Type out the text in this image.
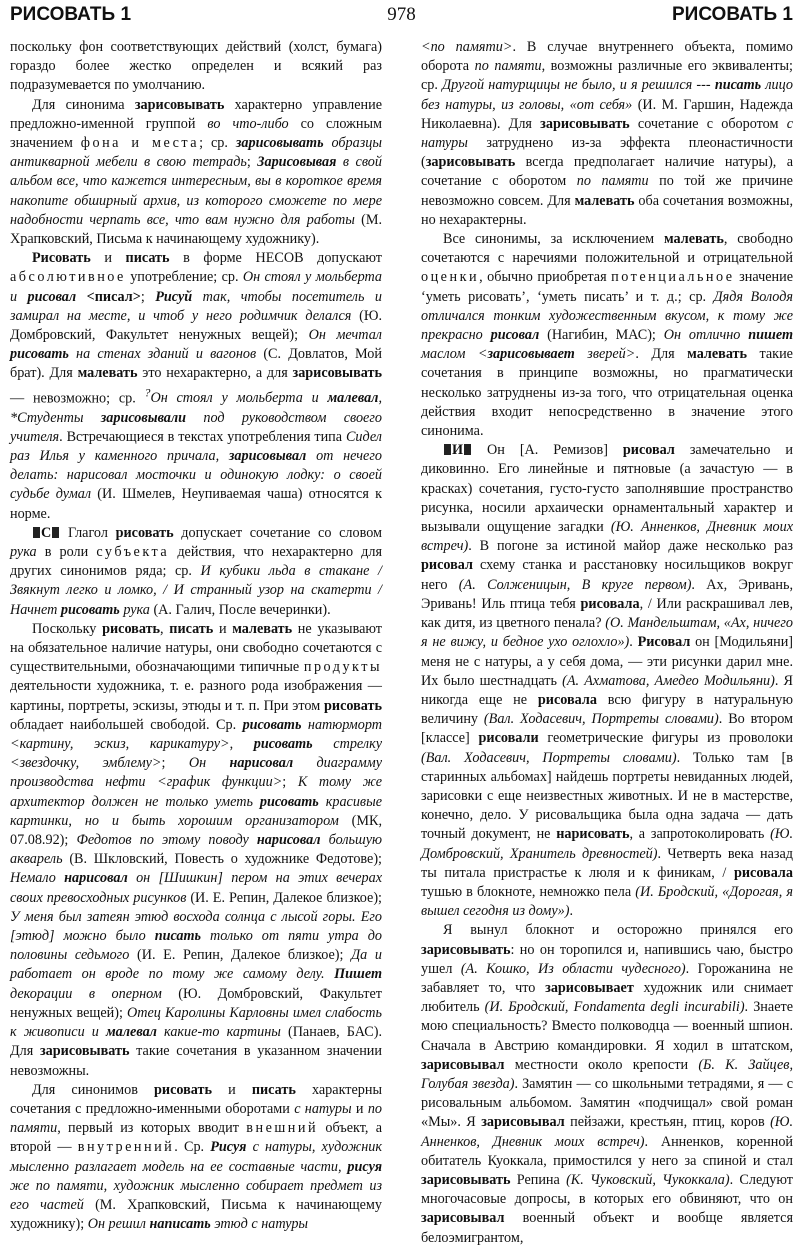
РИСОВАТЬ 1	978	РИСОВАТЬ 1

поскольку фон соответствующих действий (холст, бумага) гораздо более жестко определен и всякий раз подразумевается по умолчанию.

Для синонима зарисовывать характерно управление предложно-именной группой во что-либо со сложным значением фона и места; ср. зарисовывать образцы антикварной мебели в свою тетрадь; Зарисовывая в свой альбом все, что кажется интересным, вы в короткое время накопите обширный архив, из которого сможете по мере надобности черпать все, что вам нужно для работы (М. Храпковский, Письма к начинающему художнику).

Рисовать и писать в форме НЕСОВ допускают абсолютивное употребление; ср. Он стоял у мольберта и рисовал <писал>; Рисуй так, чтобы посетитель и замирал на месте, и чтоб у него родимчик делался (Ю. Домбровский, Факультет ненужных вещей); Он мечтал рисовать на стенах зданий и вагонов (С. Довлатов, Мой брат). Для малевать это нехарактерно, а для зарисовывать — невозможно; ср. ?Он стоял у мольберта и малевал, *Студенты зарисовывали под руководством своего учителя. Встречающиеся в текстах употребления типа Сидел раз Илья у каменного причала, зарисовывал от нечего делать: нарисовал мосточки и одинокую лодку: о своей судьбе думал (И. Шмелев, Неупиваемая чаша) относятся к норме.

С Глагол рисовать допускает сочетание со словом рука в роли субъекта действия, что нехарактерно для других синонимов ряда; ср. И кубики льда в стакане / Звякнут легко и ломко, / И странный узор на скатерти / Начнет рисовать рука (А. Галич, После вечеринки).

Поскольку рисовать, писать и малевать не указывают на обязательное наличие натуры, они свободно сочетаются с существительными, обозначающими типичные продукты деятельности художника, т. е. разного рода изображения — картины, портреты, эскизы, этюды и т. п. При этом рисовать обладает наибольшей свободой. Ср. рисовать натюрморт <картину, эскиз, карикатуру>, рисовать стрелку <звездочку, эмблему>; Он нарисовал диаграмму производства нефти <график функции>; К тому же архитектор должен не только уметь рисовать красивые картинки, но и быть хорошим организатором (МК, 07.08.92); Федотов по этому поводу нарисовал большую акварель (В. Шкловский, Повесть о художнике Федотове); Немало нарисовал он [Шишкин] пером на этих вечерах своих превосходных рисунков (И. Е. Репин, Далекое близкое); У меня был затеян этюд восхода солнца с лысой горы. Его [этюд] можно было писать только от пяти утра до половины седьмого (И. Е. Репин, Далекое близкое); Да и работает он вроде по тому же самому делу. Пишет декорации в оперном (Ю. Домбровский, Факультет ненужных вещей); Отец Каролины Карловны имел слабость к живописи и малевал какие-то картины (Панаев, БАС). Для зарисовывать такие сочетания в указанном значении невозможны.

Для синонимов рисовать и писать характерны сочетания с предложно-именными оборотами с натуры и по памяти, первый из которых вводит внешний объект, а второй — внутренний. Ср. Рисуя с натуры, художник мысленно разлагает модель на ее составные части, рисуя же по памяти, художник мысленно собирает предмет из его частей (М. Храпковский, Письма к начинающему художнику); Он решил написать этюд с натуры

<по памяти>. В случае внутреннего объекта, помимо оборота по памяти, возможны различные его эквиваленты; ср. Другой натурщицы не было, и я решился --- писать лицо без натуры, из головы, «от себя» (И. М. Гаршин, Надежда Николаевна). Для зарисовывать сочетание с оборотом с натуры затруднено из-за эффекта плеонастичности (зарисовывать всегда предполагает наличие натуры), а сочетание с оборотом по памяти по той же причине невозможно совсем. Для малевать оба сочетания возможны, но нехарактерны.

Все синонимы, за исключением малевать, свободно сочетаются с наречиями положительной и отрицательной оценки, обычно приобретая потенциальное значение ‘уметь рисовать’, ‘уметь писать’ и т. д.; ср. Дядя Володя отличался тонким художественным вкусом, к тому же прекрасно рисовал (Нагибин, МАС); Он отлично пишет маслом <зарисовывает зверей>. Для малевать такие сочетания в принципе возможны, но прагматически несколько затруднены из-за того, что отрицательная оценка действия входит непосредственно в значение этого синонима.

И Он [А. Ремизов] рисовал замечательно и диковинно. Его линейные и пятновые (а зачастую — в красках) сочетания, густо-густо заполнявшие пространство рисунка, носили архаически орнаментальный характер и вызывали ощущение загадки (Ю. Анненков, Дневник моих встреч). В погоне за истиной майор даже несколько раз рисовал схему станка и расстановку носильщиков вокруг него (А. Солженицын, В круге первом). Ах, Эривань, Эривань! Иль птица тебя рисовала, / Или раскрашивал лев, как дитя, из цветного пенала? (О. Мандельштам, «Ах, ничего я не вижу, и бедное ухо оглохло»). Рисовал он [Модильяни] меня не с натуры, а у себя дома, — эти рисунки дарил мне. Их было шестнадцать (А. Ахматова, Амедео Модильяни). Я никогда еще не рисовала всю фигуру в натуральную величину (Вал. Ходасевич, Портреты словами). Во втором [классе] рисовали геометрические фигуры из проволоки (Вал. Ходасевич, Портреты словами). Только там [в старинных альбомах] найдешь портреты невиданных людей, зарисовки с еще неизвестных животных. И не в мастерстве, конечно, дело. У рисовальщика была одна задача — дать точный документ, не нарисовать, а запротоколировать (Ю. Домбровский, Хранитель древностей). Четверть века назад ты питала пристрастье к люля и к финикам, / рисовала тушью в блокноте, немножко пела (И. Бродский, «Дорогая, я вышел сегодня из дому»).

Я вынул блокнот и осторожно принялся его зарисовывать: но он торопился и, напившись чаю, быстро ушел (А. Кошко, Из области чудесного). Горожанина не забавляет то, что зарисовывает художник или снимает любитель (И. Бродский, Fondamenta degli incurabili). Знаете мою специальность? Вместо полководца — военный шпион. Сначала в Австрию командировки. Я ходил в штатском, зарисовывал местности около крепости (Б. К. Зайцев, Голубая звезда). Замятин — со школьными тетрадями, я — с рисовальным альбомом. Замятин «подчищал» свой роман «Мы». Я зарисовывал пейзажи, крестьян, птиц, коров (Ю. Анненков, Дневник моих встреч). Анненков, коренной обитатель Куоккала, примостился у него за спиной и стал зарисовывать Репина (К. Чуковский, Чукоккала). Следуют многочасовые допросы, в которых его обвиняют, что он зарисовывал военный объект и вообще является белоэмигрантом,
